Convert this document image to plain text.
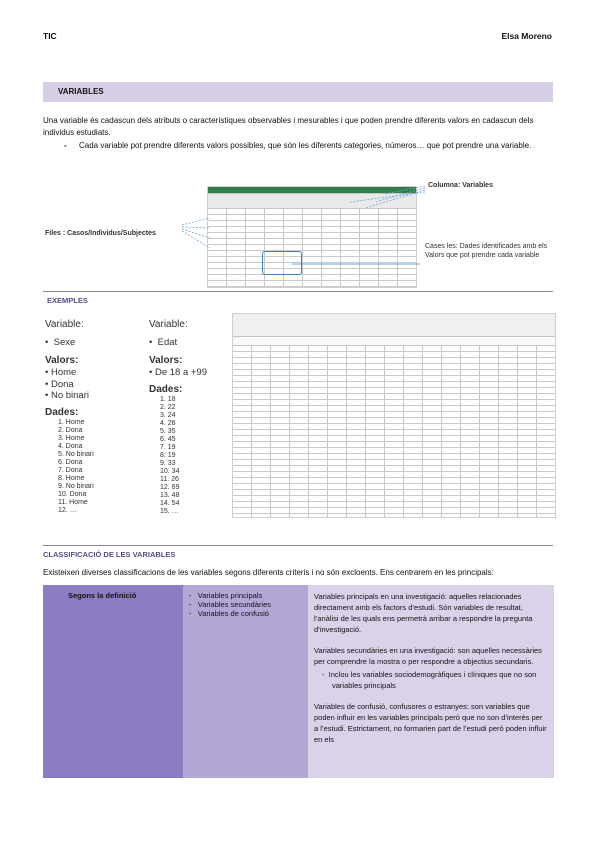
TIC	Elsa Moreno
VARIABLES
Una variable és cadascun dels atributs o característiques observables i mesurables i que poden prendre diferents valors en cadascun dels individus estudiats.
- Cada variable pot prendre diferents valors possibles, que són les diferents categories, números… que pot prendre una variable.
Columna: Variables
Files : Casos/Individus/Subjectes
Cases les: Dades identificades amb els Valors que pot prendre cada variable
EXEMPLES
Variable:
•  Sexe
Valors:
• Home
• Dona
• No binari
Dades:
1. Home
2. Dona
3. Home
4. Dona
5. No binari
6. Dona
7. Dona
8. Home
9. No binari
10. Dona
11. Home
12. …
Variable:
•  Edat
Valors:
• De 18 a +99
Dades:
1. 18
2. 22
3. 24
4. 26
5. 35
6. 45
7. 19
8. 19
9. 33
10. 34
11. 26
12. 89
13. 48
14. 54
15. …
CLASSIFICACIÓ DE LES VARIABLES
Existeixen diverses classificacions de les variables segons diferents criteris i no són excloents. Ens centrarem en les principals:
Segons la definició	-   Variables principals
-   Variables secundàries
-   Variables de confusió

Variables principals en una investigació: aquelles relacionades directament amb els factors d’estudi. Són variables de resultat, l’anàlisi de les quals ens permetrà arribar a respondre la pregunta d’investigació.

Variables secundàries en una investigació: son aquelles necessàries per comprendre la mostra o per respondre a objectius secundaris.

-  Inclou les variables sociodemogràfiques i clíniques que no son variables principals

Variables de confusió, confusores o estranyes: son variables que poden influir en les variables principals però que no son d’interès per a l’estudi. Estrictament, no formarien part de l’estudi però poden influir en els
